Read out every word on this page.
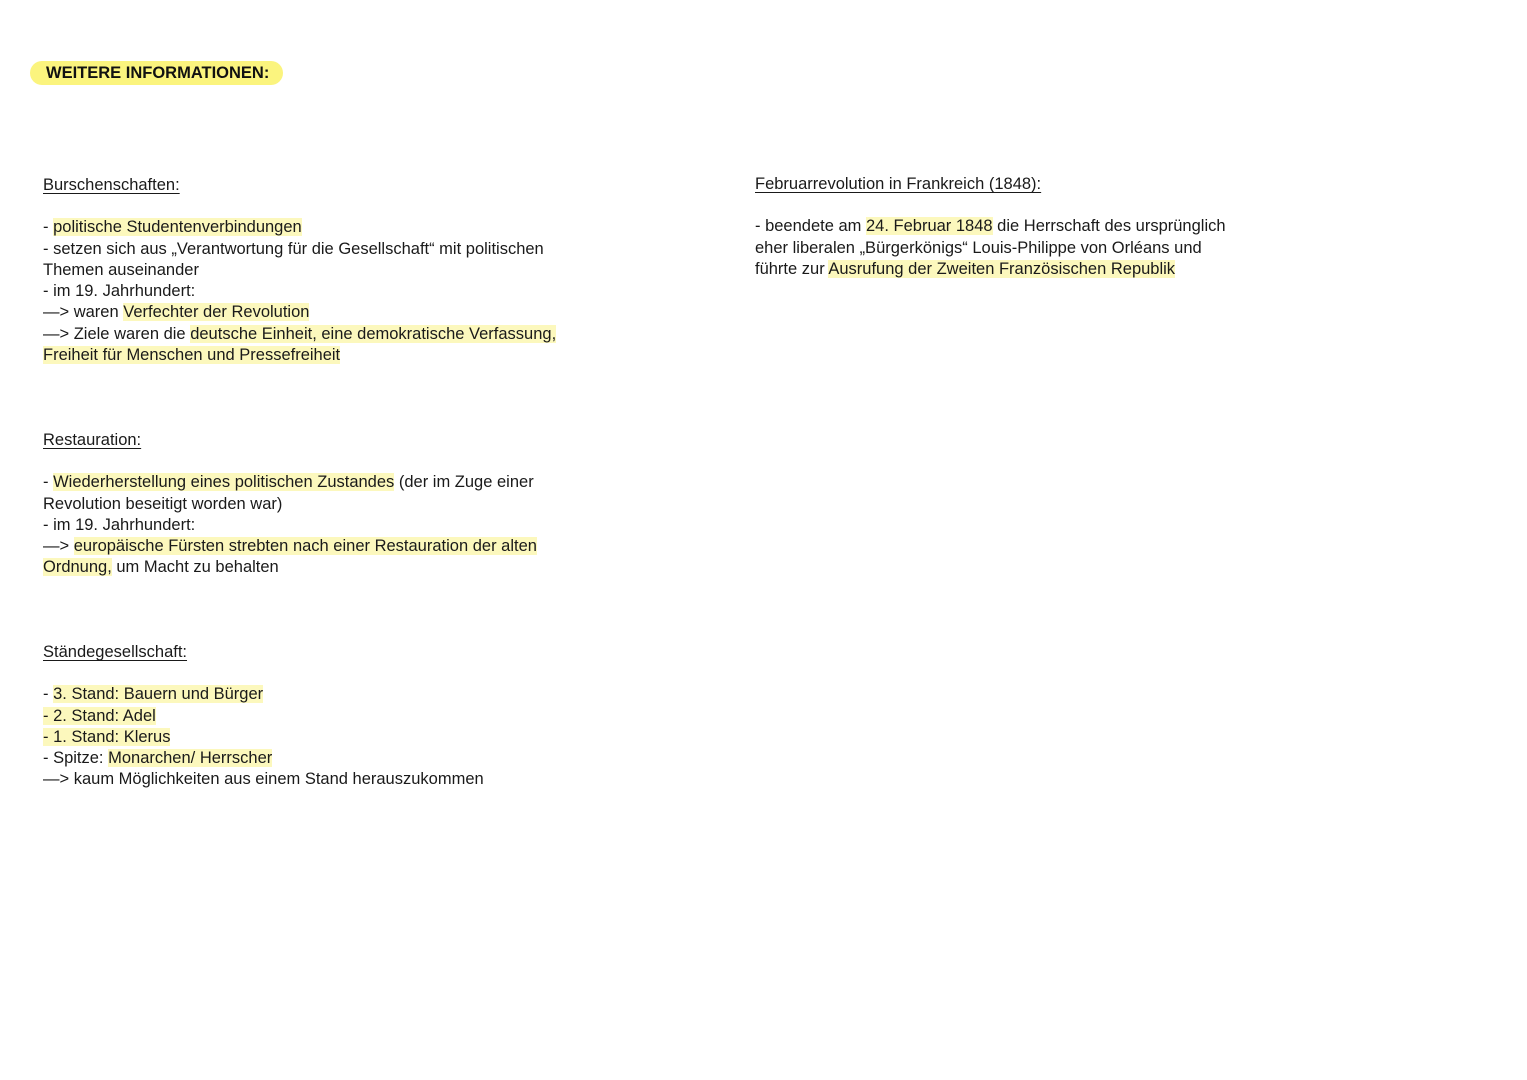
WEITERE INFORMATIONEN:
Burschenschaften:
- politische Studentenverbindungen
- setzen sich aus „Verantwortung für die Gesellschaft“ mit politischen
Themen auseinander
- im 19. Jahrhundert:
—> waren Verfechter der Revolution
—> Ziele waren die deutsche Einheit, eine demokratische Verfassung,
Freiheit für Menschen und Pressefreiheit
Restauration:
- Wiederherstellung eines politischen Zustandes (der im Zuge einer
Revolution beseitigt worden war)
- im 19. Jahrhundert:
—> europäische Fürsten strebten nach einer Restauration der alten
Ordnung, um Macht zu behalten
Ständegesellschaft:
- 3. Stand: Bauern und Bürger
- 2. Stand: Adel
- 1. Stand: Klerus
- Spitze: Monarchen/ Herrscher
—> kaum Möglichkeiten aus einem Stand herauszukommen
Februarrevolution in Frankreich (1848):
- beendete am 24. Februar 1848 die Herrschaft des ursprünglich
eher liberalen „Bürgerkönigs“ Louis-Philippe von Orléans und
führte zur Ausrufung der Zweiten Französischen Republik
